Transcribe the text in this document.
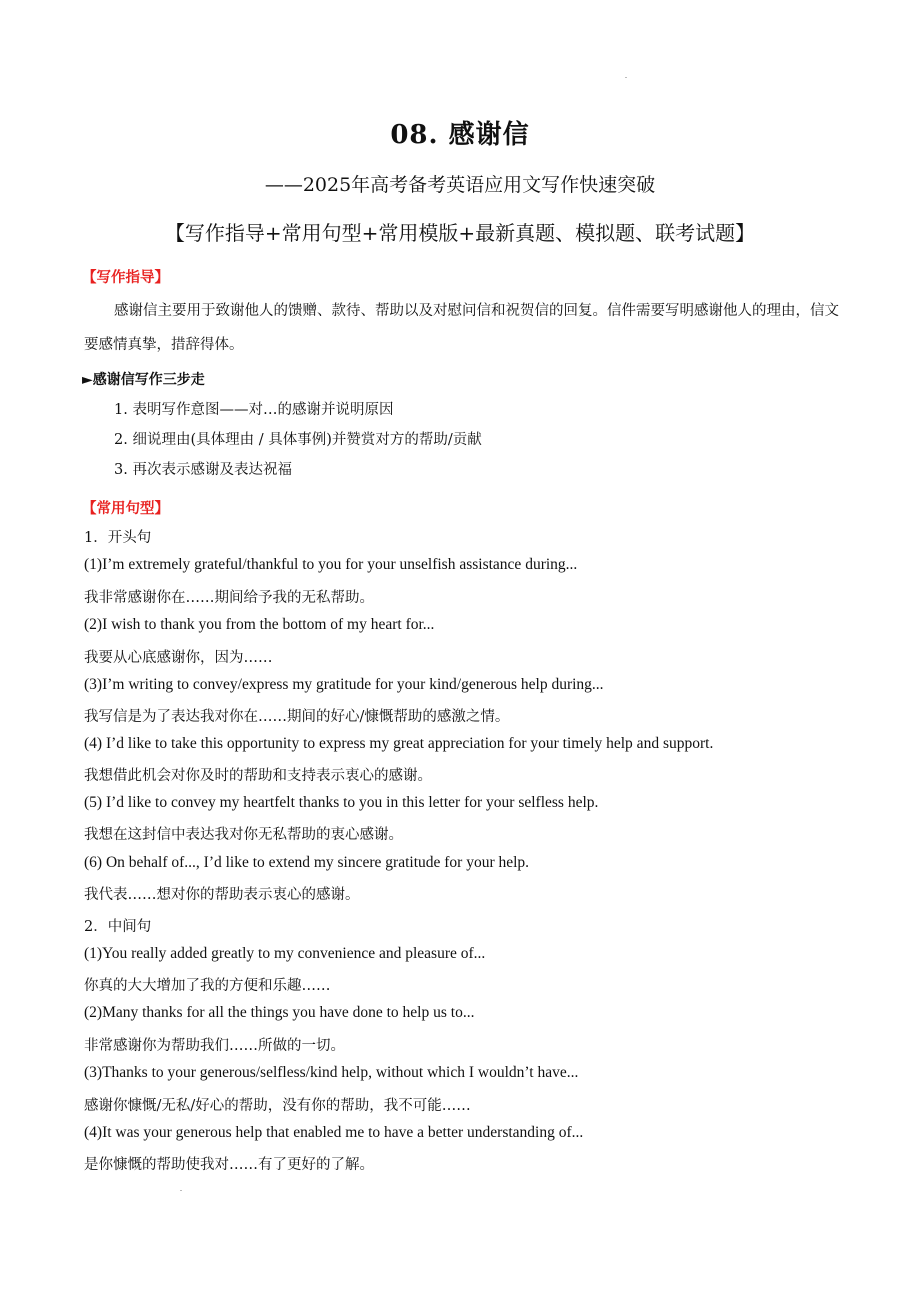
08. 感谢信
——2025年高考备考英语应用文写作快速突破
【写作指导+常用句型+常用模版+最新真题、模拟题、联考试题】
【写作指导】
感谢信主要用于致谢他人的馈赠、款待、帮助以及对慰问信和祝贺信的回复。信件需要写明感谢他人的理由，信文要感情真挚，措辞得体。
►感谢信写作三步走
1. 表明写作意图——对…的感谢并说明原因
2. 细说理由(具体理由 / 具体事例)并赞赏对方的帮助/贡献
3. 再次表示感谢及表达祝福
【常用句型】
1．开头句
(1)I’m extremely grateful/thankful to you for your unselfish assistance during...
我非常感谢你在……期间给予我的无私帮助。
(2)I wish to thank you from the bottom of my heart for...
我要从心底感谢你，因为……
(3)I’m writing to convey/express my gratitude for your kind/generous help during...
我写信是为了表达我对你在……期间的好心/慷慨帮助的感激之情。
(4) I’d like to take this opportunity to express my great appreciation for your timely help and support.
我想借此机会对你及时的帮助和支持表示衷心的感谢。
(5) I’d like to convey my heartfelt thanks to you in this letter for your selfless help.
我想在这封信中表达我对你无私帮助的衷心感谢。
(6) On behalf of..., I’d like to extend my sincere gratitude for your help.
我代表……想对你的帮助表示衷心的感谢。
2．中间句
(1)You really added greatly to my convenience and pleasure of...
你真的大大增加了我的方便和乐趣……
(2)Many thanks for all the things you have done to help us to...
非常感谢你为帮助我们……所做的一切。
(3)Thanks to your generous/selfless/kind help, without which I wouldn’t have...
感谢你慷慨/无私/好心的帮助，没有你的帮助，我不可能……
(4)It was your generous help that enabled me to have a better understanding of...
是你慷慨的帮助使我对……有了更好的了解。
